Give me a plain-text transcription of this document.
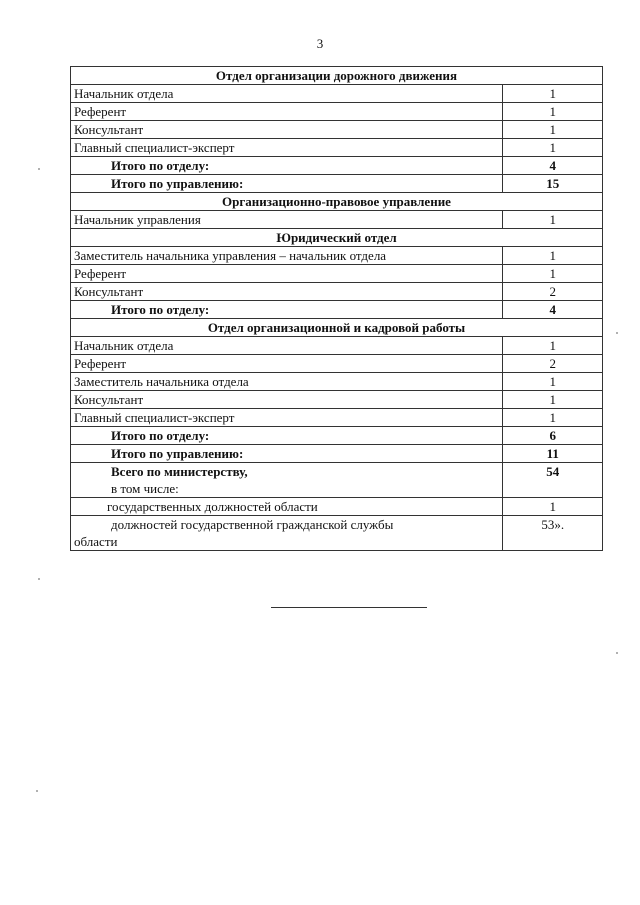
3
Отдел организации дорожного движения	
Начальник отдела	1
Референт	1
Консультант	1
Главный специалист-эксперт	1
Итого по отделу:	4
Итого по управлению:	15
Организационно-правовое управление	
Начальник управления	1
Юридический отдел	
Заместитель начальника управления – начальник отдела	1
Референт	1
Консультант	2
Итого по отделу:	4
Отдел организационной и кадровой работы	
Начальник отдела	1
Референт	2
Заместитель начальника отдела	1
Консультант	1
Главный специалист-эксперт	1
Итого по отделу:	6
Итого по управлению:	11

Всего по министерству,
в том числе:	54
государственных должностей области	1

должностей государственной гражданской службы
области	53».
